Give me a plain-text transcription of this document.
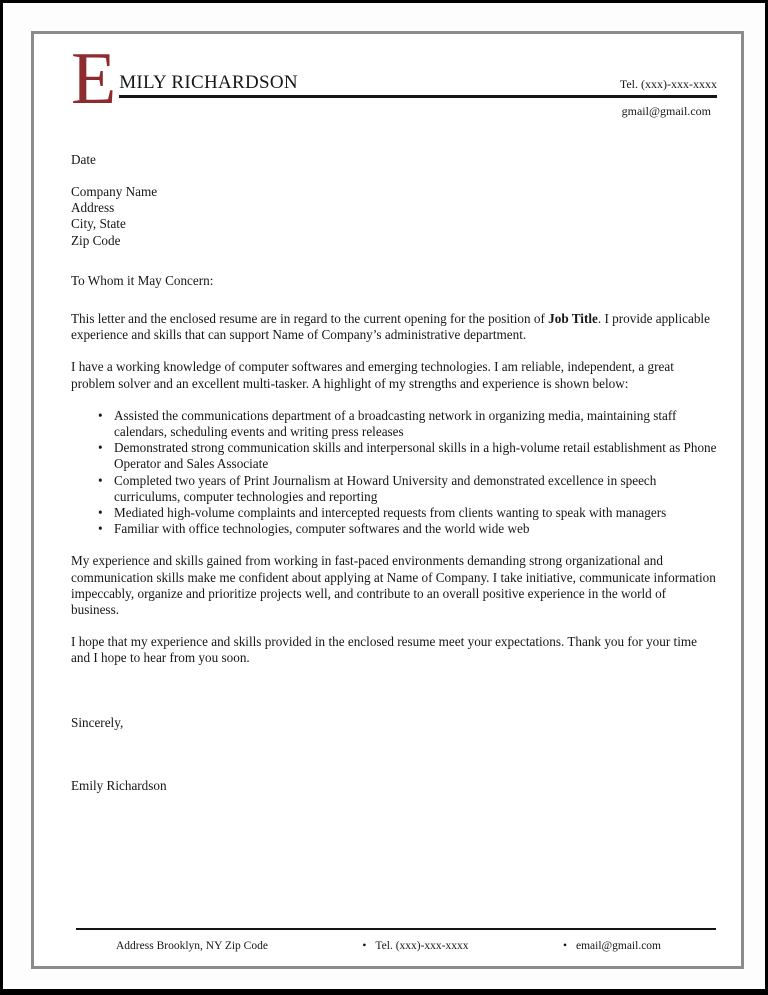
E MILY RICHARDSON	Tel. (xxx)-xxx-xxxx
gmail@gmail.com
Date
Company Name
Address
City, State
Zip Code
To Whom it May Concern:

This letter and the enclosed resume are in regard to the current opening for the position of Job Title. I provide applicable experience and skills that can support Name of Company’s administrative department.

I have a working knowledge of computer softwares and emerging technologies. I am reliable, independent, a great problem solver and an excellent multi-tasker. A highlight of my strengths and experience is shown below:

• Assisted the communications department of a broadcasting network in organizing media, maintaining staff calendars, scheduling events and writing press releases
• Demonstrated strong communication skills and interpersonal skills in a high-volume retail establishment as Phone Operator and Sales Associate
• Completed two years of Print Journalism at Howard University and demonstrated excellence in speech curriculums, computer technologies and reporting
• Mediated high-volume complaints and intercepted requests from clients wanting to speak with managers
• Familiar with office technologies, computer softwares and the world wide web

My experience and skills gained from working in fast-paced environments demanding strong organizational and communication skills make me confident about applying at Name of Company. I take initiative, communicate information impeccably, organize and prioritize projects well, and contribute to an overall positive experience in the world of business.

I hope that my experience and skills provided in the enclosed resume meet your expectations. Thank you for your time and I hope to hear from you soon.

Sincerely,
Emily Richardson
Address Brooklyn, NY Zip Code	• Tel. (xxx)-xxx-xxxx	• email@gmail.com
